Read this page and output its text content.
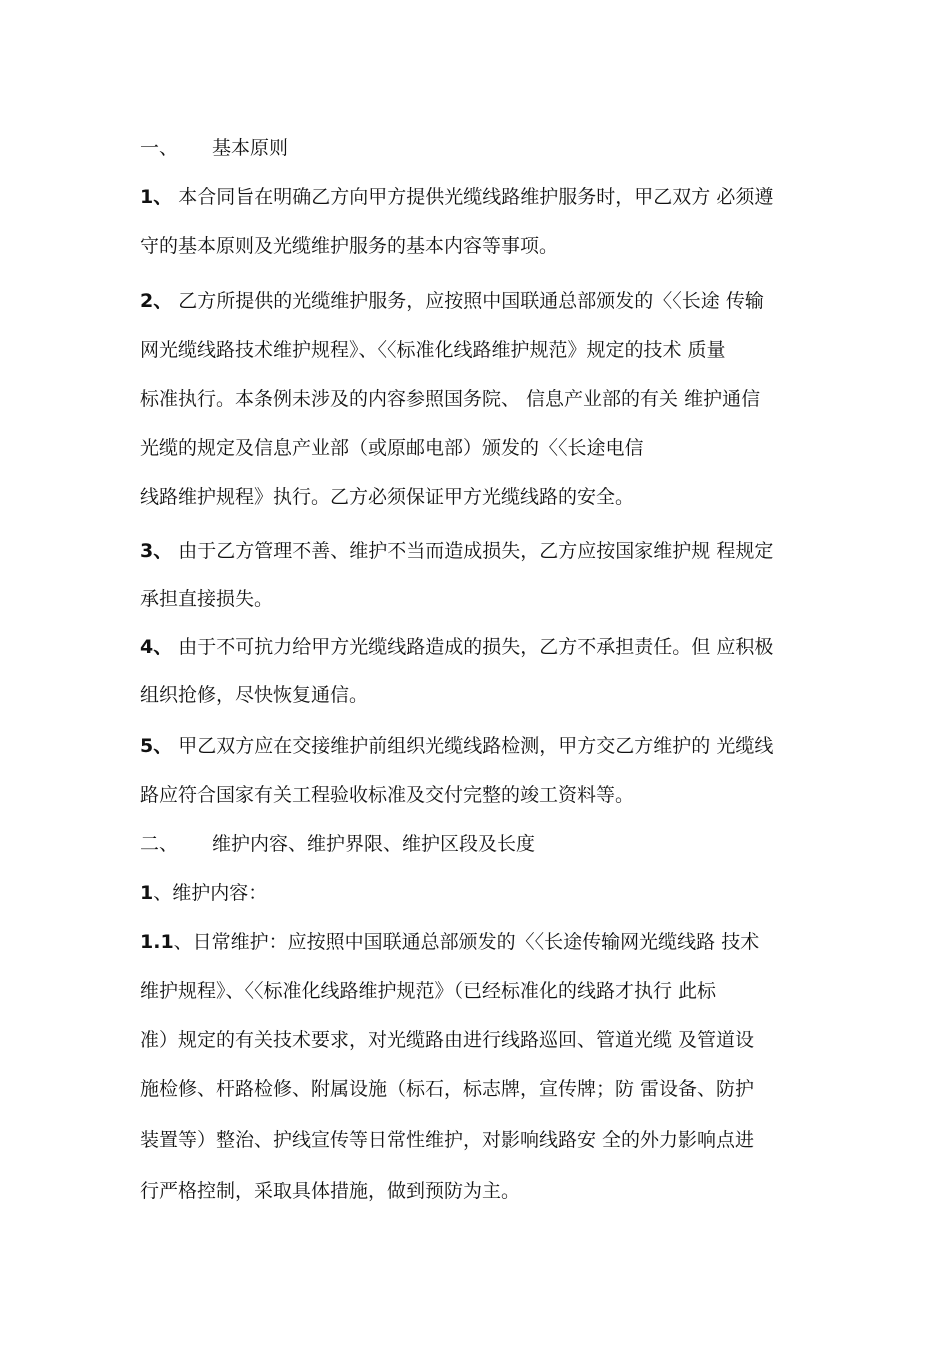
一、 基本原则
1、 本合同旨在明确乙方向甲方提供光缆线路维护服务时，甲乙双方 必须遵
守的基本原则及光缆维护服务的基本内容等事项。
2、 乙方所提供的光缆维护服务，应按照中国联通总部颁发的〈〈长途 传输
网光缆线路技术维护规程》、〈〈标准化线路维护规范》规定的技术 质量
标准执行。本条例未涉及的内容参照国务院、 信息产业部的有关 维护通信
光缆的规定及信息产业部（或原邮电部）颁发的〈〈长途电信
线路维护规程》执行。乙方必须保证甲方光缆线路的安全。
3、 由于乙方管理不善、维护不当而造成损失，乙方应按国家维护规 程规定
承担直接损失。
4、 由于不可抗力给甲方光缆线路造成的损失，乙方不承担责任。但 应积极
组织抢修，尽快恢复通信。
5、 甲乙双方应在交接维护前组织光缆线路检测，甲方交乙方维护的 光缆线
路应符合国家有关工程验收标准及交付完整的竣工资料等。
二、 维护内容、维护界限、维护区段及长度
1、维护内容：
1.1、日常维护：应按照中国联通总部颁发的〈〈长途传输网光缆线路 技术
维护规程》、〈〈标准化线路维护规范》（已经标准化的线路才执行 此标
准）规定的有关技术要求，对光缆路由进行线路巡回、管道光缆 及管道设
施检修、杆路检修、附属设施（标石，标志牌，宣传牌；防 雷设备、防护
装置等）整治、护线宣传等日常性维护，对影响线路安 全的外力影响点进
行严格控制，采取具体措施，做到预防为主。
